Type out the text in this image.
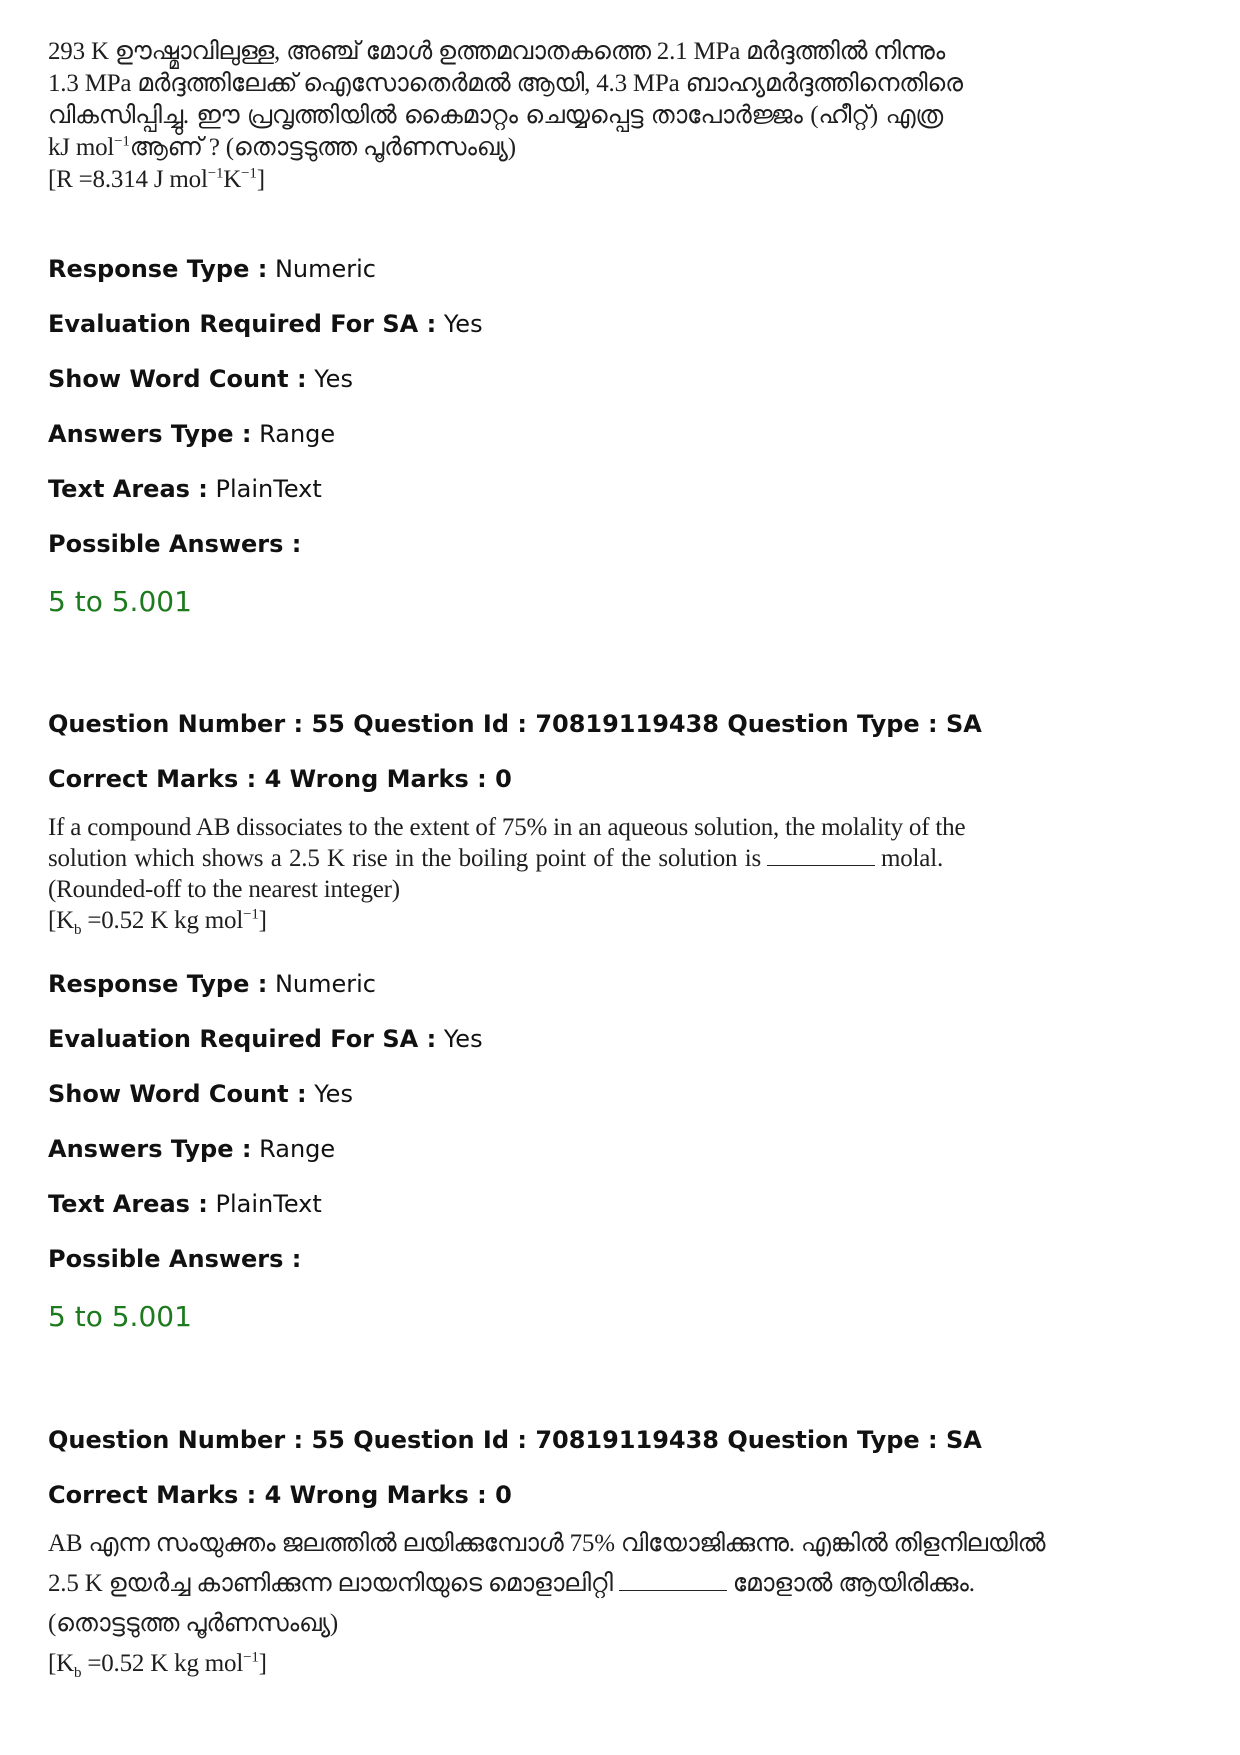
293 K ഊഷ്മാവിലുള്ള, അഞ്ച് മോൾ ഉത്തമവാതകത്തെ 2.1 MPa മർദ്ദത്തിൽ നിന്നും
1.3 MPa മർദ്ദത്തിലേക്ക് ഐസോതെർമൽ ആയി, 4.3 MPa ബാഹ്യമർദ്ദത്തിനെതിരെ
വികസിപ്പിച്ചു. ഈ പ്രവൃത്തിയിൽ കൈമാറ്റം ചെയ്യപ്പെട്ട താപോർജ്ജം (ഹീറ്റ്) എത്ര
kJ mol$^{-1}$ആണ് ? (തൊട്ടടുത്ത പൂർണസംഖ്യ)
[R =8.314 J $mol^{-1}K^{-1}$]
Response Type : Numeric
Evaluation Required For SA : Yes
Show Word Count : Yes
Answers Type : Range
Text Areas : PlainText
Possible Answers :
5 to 5.001
Question Number : 55 Question Id : 70819119438 Question Type : SA
Correct Marks : 4 Wrong Marks : 0
If a compound AB dissociates to the extent of 75% in an aqueous solution, the molality of the
solution which shows a 2.5 K rise in the boiling point of the solution is	molal.
(Rounded-off to the nearest integer)
[$K_b =0.52$ K kg mol$^{-1}$]
Response Type : Numeric
Evaluation Required For SA : Yes
Show Word Count : Yes
Answers Type : Range
Text Areas : PlainText
Possible Answers :
5 to 5.001
Question Number : 55 Question Id : 70819119438 Question Type : SA
Correct Marks : 4 Wrong Marks : 0
AB എന്ന സംയുക്തം ജലത്തിൽ ലയിക്കുമ്പോൾ 75% വിയോജിക്കുന്നു. എങ്കിൽ തിളനിലയിൽ
2.5 K ഉയർച്ച കാണിക്കുന്ന ലായനിയുടെ മൊളാലിറ്റി	മോളാൽ ആയിരിക്കും.
(തൊട്ടടുത്ത പൂർണസംഖ്യ)
[$K_b =0.52$ K kg mol$^{-1}$]
